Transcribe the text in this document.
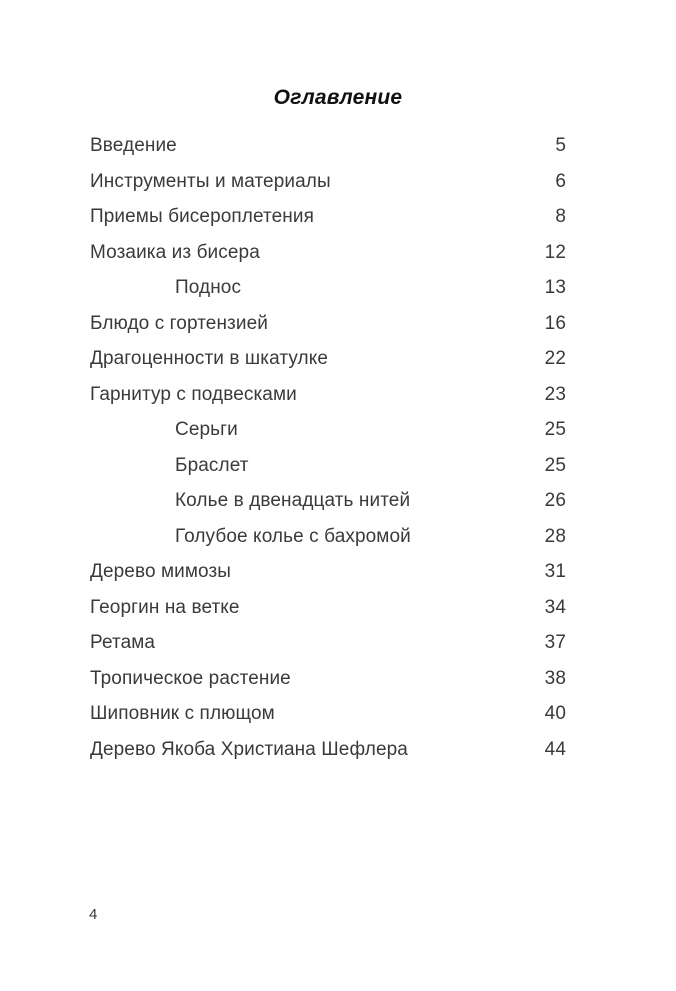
Оглавление
Введение	5
Инструменты и материалы	6
Приемы бисероплетения	8
Мозаика из бисера	12
Поднос	13
Блюдо с гортензией	16
Драгоценности в шкатулке	22
Гарнитур с подвесками	23
Серьги	25
Браслет	25
Колье в двенадцать нитей	26
Голубое колье с бахромой	28
Дерево мимозы	31
Георгин на ветке	34
Ретама	37
Тропическое растение	38
Шиповник с плющом	40
Дерево Якоба Христиана Шефлера	44
4
